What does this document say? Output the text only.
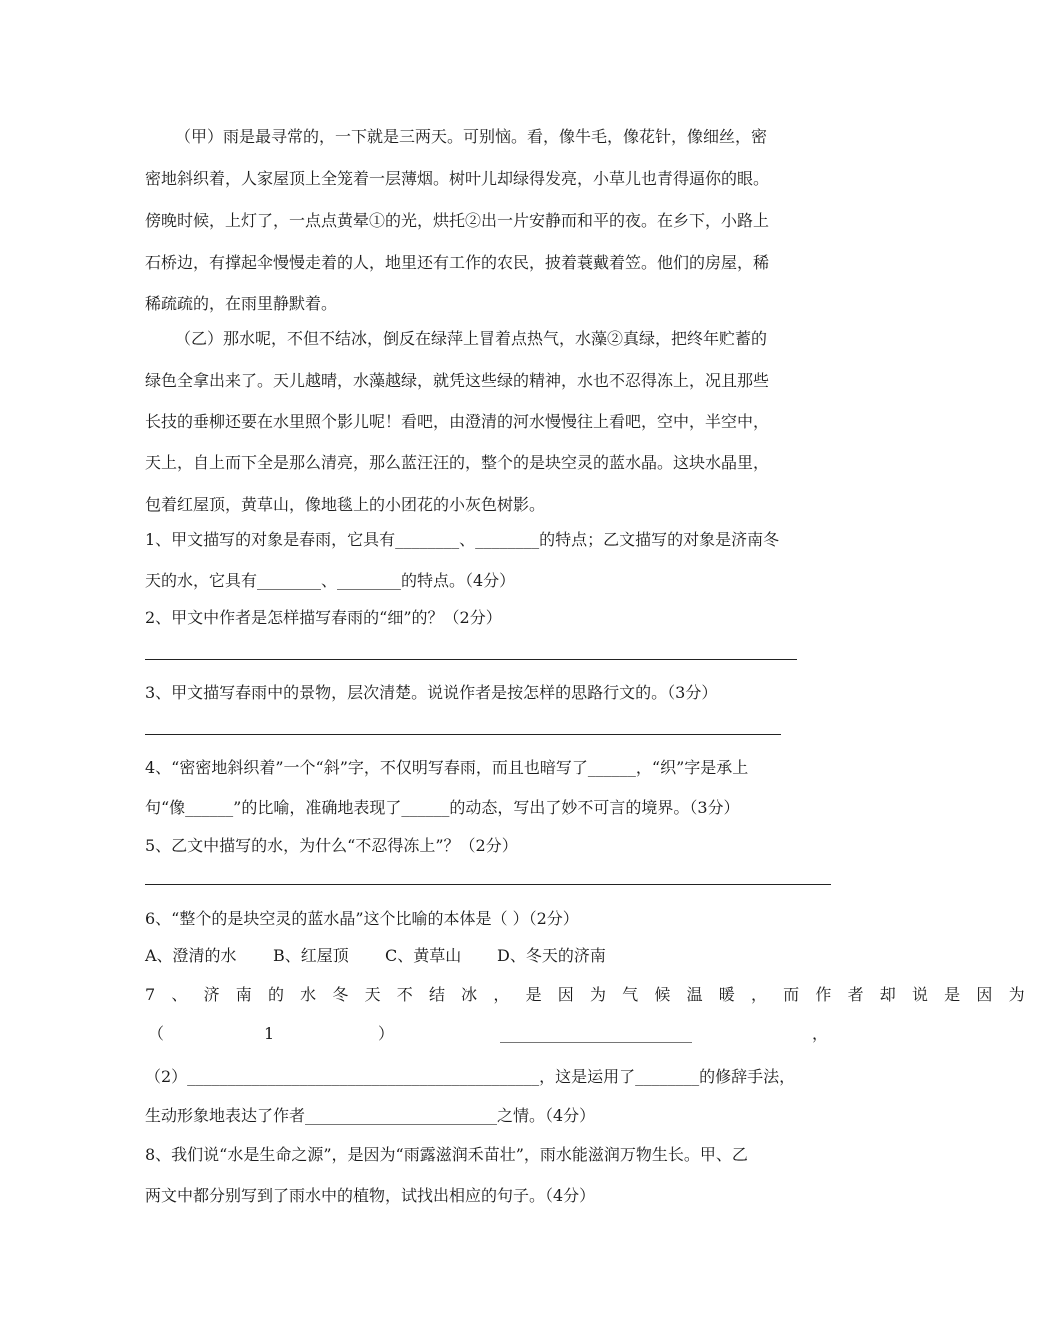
（甲）雨是最寻常的，一下就是三两天。可别恼。看，像牛毛，像花针，像细丝，密
密地斜织着，人家屋顶上全笼着一层薄烟。树叶儿却绿得发亮，小草儿也青得逼你的眼。
傍晚时候，上灯了，一点点黄晕①的光，烘托②出一片安静而和平的夜。在乡下，小路上
石桥边，有撑起伞慢慢走着的人，地里还有工作的农民，披着蓑戴着笠。他们的房屋，稀
稀疏疏的，在雨里静默着。
（乙）那水呢，不但不结冰，倒反在绿萍上冒着点热气，水藻②真绿，把终年贮蓄的
绿色全拿出来了。天儿越晴，水藻越绿，就凭这些绿的精神，水也不忍得冻上，况且那些
长技的垂柳还要在水里照个影儿呢！看吧，由澄清的河水慢慢往上看吧，空中，半空中，
天上，自上而下全是那么清亮，那么蓝汪汪的，整个的是块空灵的蓝水晶。这块水晶里，
包着红屋顶，黄草山，像地毯上的小团花的小灰色树影。
1、甲文描写的对象是春雨，它具有________、________的特点；乙文描写的对象是济南冬
天的水，它具有________、________的特点。（4分）
2、甲文中作者是怎样描写春雨的“细”的？（2分）
3、甲文描写春雨中的景物，层次清楚。说说作者是按怎样的思路行文的。（3分）
4、“密密地斜织着”一个“斜”字，不仅明写春雨，而且也暗写了______，“织”字是承上
句“像______”的比喻，准确地表现了______的动态，写出了妙不可言的境界。（3分）
5、乙文中描写的水，为什么“不忍得冻上”？（2分）
6、“整个的是块空灵的蓝水晶”这个比喻的本体是（ ）（2分）
A、澄清的水 B、红屋顶 C、黄草山 D、冬天的济南
7、济南的水冬天不结冰，是因为气候温暖，而作者却说是因为
（	1	）	________________________	，
（2）____________________________________________，这是运用了________的修辞手法，
生动形象地表达了作者________________________之情。（4分）
8、我们说“水是生命之源”，是因为“雨露滋润禾苗壮”，雨水能滋润万物生长。甲、乙
两文中都分别写到了雨水中的植物，试找出相应的句子。（4分）
